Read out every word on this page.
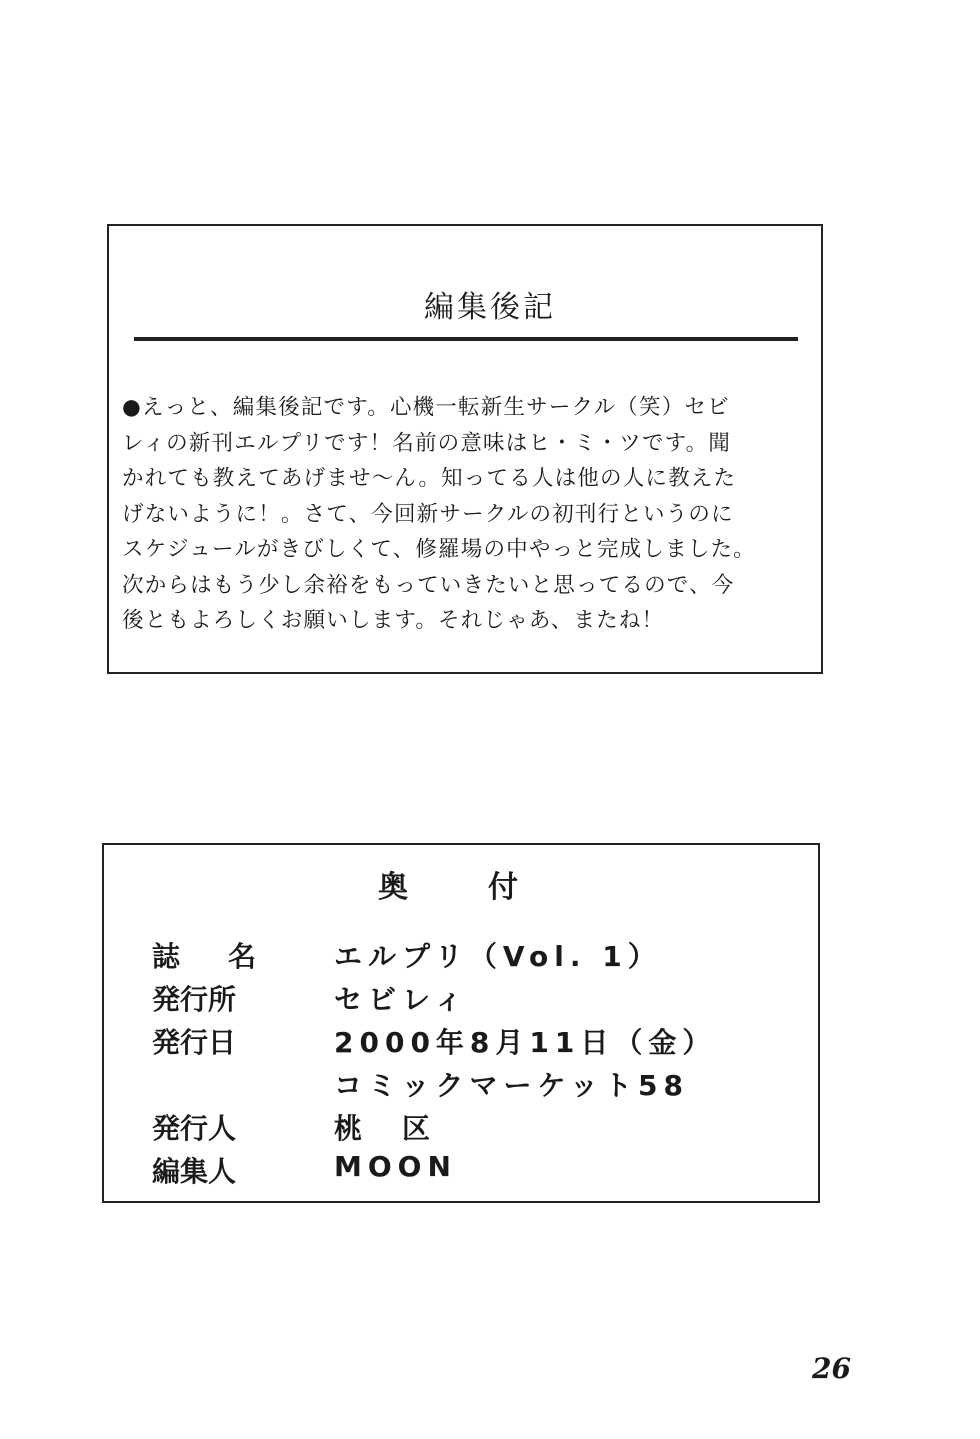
編集後記
●えっと、編集後記です。心機一転新生サークル（笑）セビ
レィの新刊エルプリです！名前の意味はヒ・ミ・ツです。聞
かれても教えてあげませ～ん。知ってる人は他の人に教えた
げないように！。さて、今回新サークルの初刊行というのに
スケジュールがきびしくて、修羅場の中やっと完成しました。
次からはもう少し余裕をもっていきたいと思ってるので、今
後ともよろしくお願いします。それじゃあ、またね！
奥	付
誌 名	エルプリ（Vol. 1）
発行所	セビレィ
発行日	2000年8月11日（金）
コミックマーケット58
発行人	桃　区
編集人	MOON
26
